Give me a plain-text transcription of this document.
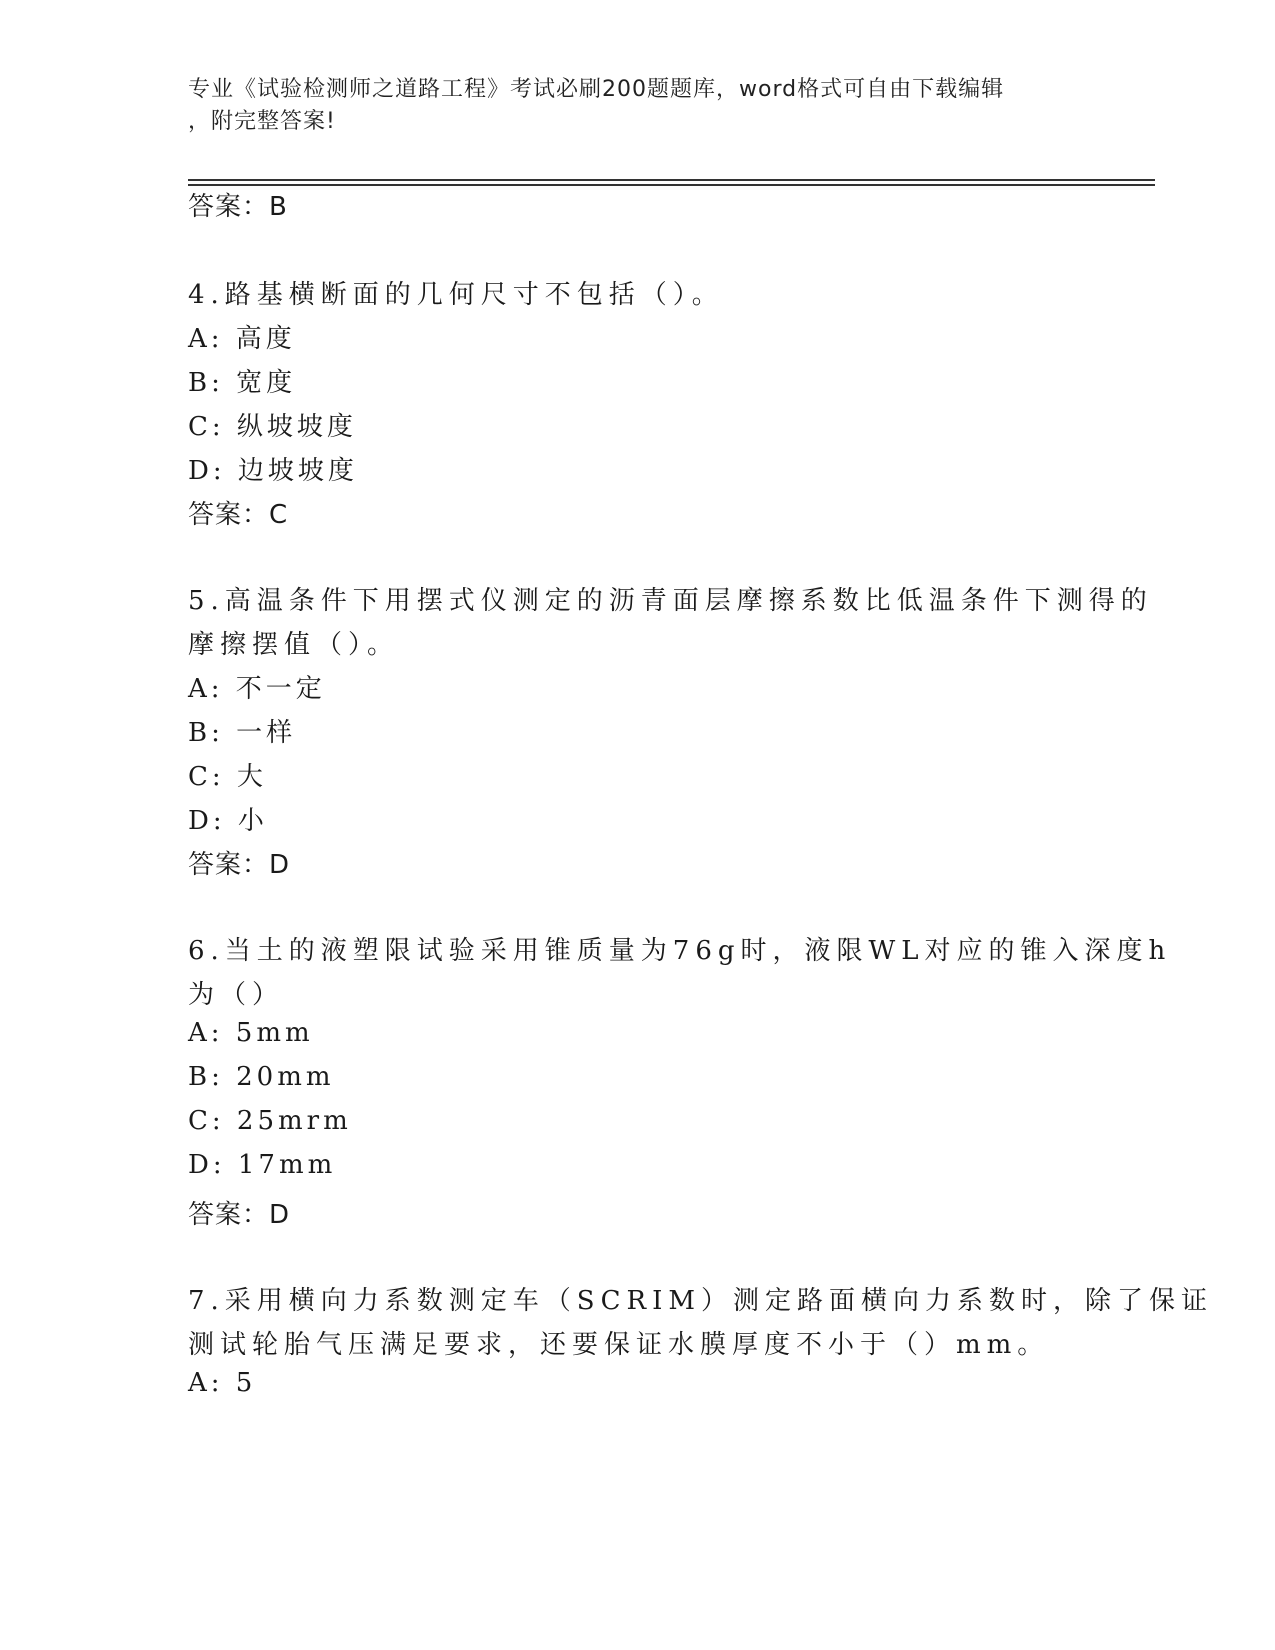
专业《试验检测师之道路工程》考试必刷200题题库，word格式可自由下载编辑
，附完整答案!
答案：B
4.路基横断面的几何尺寸不包括（）。
A: 高度
B: 宽度
C: 纵坡坡度
D: 边坡坡度
答案：C
5.高温条件下用摆式仪测定的沥青面层摩擦系数比低温条件下测得的
摩擦摆值（）。
A: 不一定
B: 一样
C: 大
D: 小
答案：D
6.当土的液塑限试验采用锥质量为76g时，液限WL对应的锥入深度h
为（）
A: 5mm
B: 20mm
C: 25mrm
D: 17mm
答案：D
7.采用横向力系数测定车（SCRIM）测定路面横向力系数时，除了保证
测试轮胎气压满足要求，还要保证水膜厚度不小于（）mm。
A: 5
